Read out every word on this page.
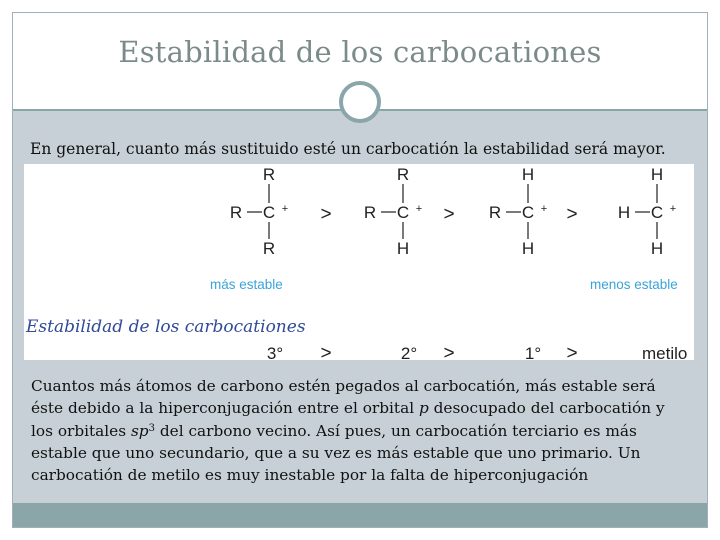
Estabilidad de los carbocationes
En general, cuanto más sustituido esté un carbocatión la estabilidad será mayor.
R
C +
R
R
R
C +
R
H
H
C +
R
H
H
C +
H
H
>	>	>
más estable	menos estable
Estabilidad de los carbocationes
3°	2°	1°	metilo
>	>	>
Cuantos más átomos de carbono estén pegados al carbocatión, más estable será éste debido a la hiperconjugación entre el orbital p desocupado del carbocatión y los orbitales $sp^3$ del carbono vecino. Así pues, un carbocatión terciario es más estable que uno secundario, que a su vez es más estable que uno primario. Un carbocatión de metilo es muy inestable por la falta de hiperconjugación
